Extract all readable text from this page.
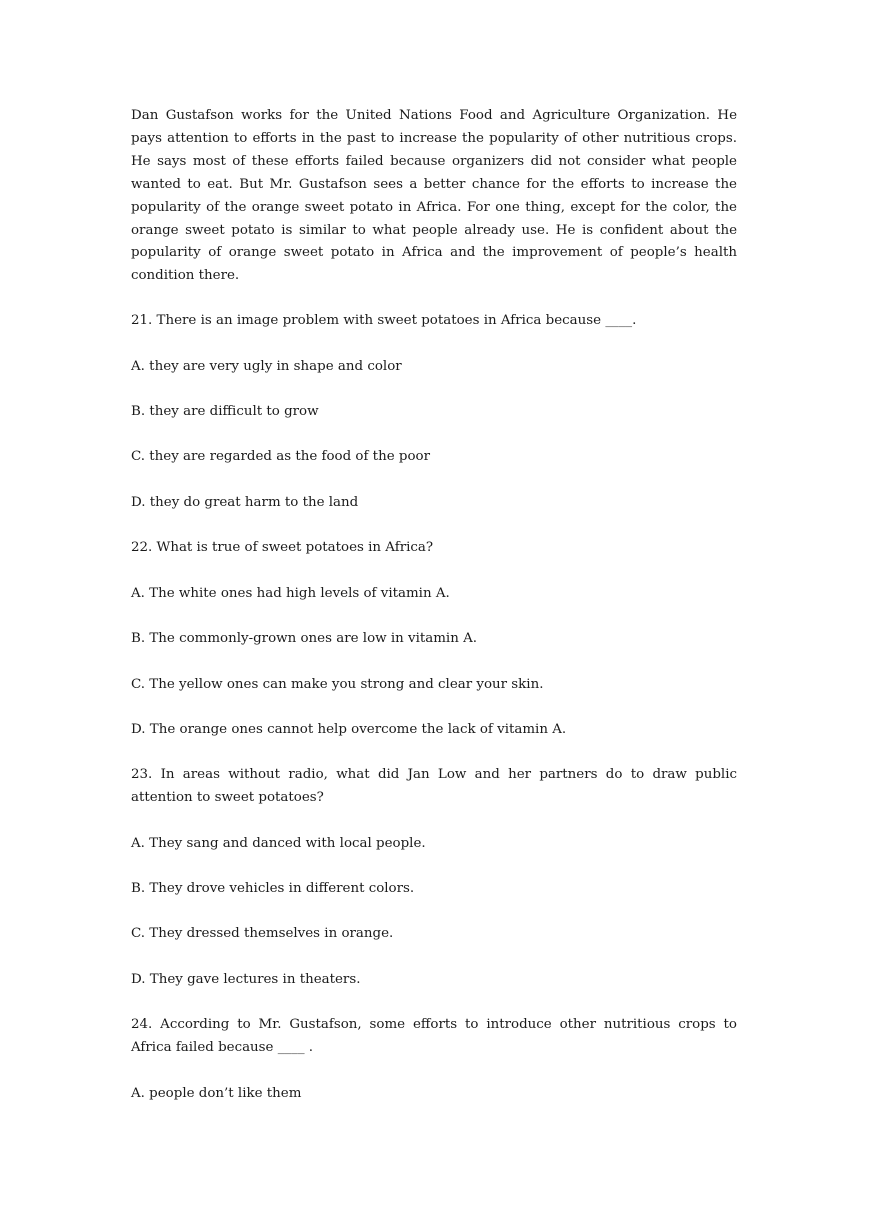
Dan Gustafson works for the United Nations Food and Agriculture Organization. He pays attention to efforts in the past to increase the popularity of other nutritious crops. He says most of these efforts failed because organizers did not consider what people wanted to eat. But Mr. Gustafson sees a better chance for the efforts to increase the popularity of the orange sweet potato in Africa. For one thing, except for the color, the orange sweet potato is similar to what people already use. He is confident about the popularity of orange sweet potato in Africa and the improvement of people’s health condition there.

21. There is an image problem with sweet potatoes in Africa because ____.

A. they are very ugly in shape and color

B. they are difficult to grow

C. they are regarded as the food of the poor

D. they do great harm to the land

22. What is true of sweet potatoes in Africa?

A. The white ones had high levels of vitamin A.

B. The commonly-grown ones are low in vitamin A.

C. The yellow ones can make you strong and clear your skin.

D. The orange ones cannot help overcome the lack of vitamin A.

23. In areas without radio, what did Jan Low and her partners do to draw public attention to sweet potatoes?

A. They sang and danced with local people.

B. They drove vehicles in different colors.

C. They dressed themselves in orange.

D. They gave lectures in theaters.

24. According to Mr. Gustafson, some efforts to introduce other nutritious crops to Africa failed because ____ .

A. people don’t like them
